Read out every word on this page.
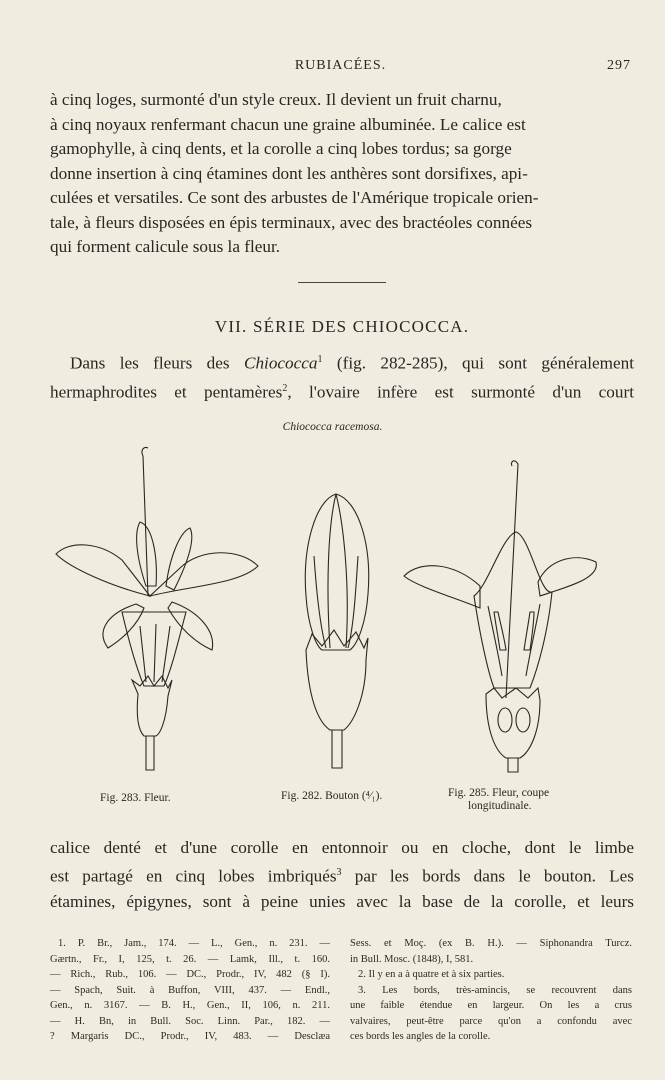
RUBIACÉES.	297
à cinq loges, surmonté d'un style creux. Il devient un fruit charnu,
à cinq noyaux renfermant chacun une graine albuminée. Le calice est
gamophylle, à cinq dents, et la corolle a cinq lobes tordus; sa gorge
donne insertion à cinq étamines dont les anthères sont dorsifixes, api-
culées et versatiles. Ce sont des arbustes de l'Amérique tropicale orien-
tale, à fleurs disposées en épis terminaux, avec des bractéoles connées
qui forment calicule sous la fleur.
VII. SÉRIE DES CHIOCOCCA.
Dans les fleurs des Chiococca$^1$ (fig. 282-285), qui sont généralement
hermaphrodites et pentamères$^2$, l'ovaire infère est surmonté d'un court
Chiococca racemosa.
Fig. 283. Fleur.	Fig. 282. Bouton (⁴⁄₁).	Fig. 285. Fleur, coupe
longitudinale.
calice denté et d'une corolle en entonnoir ou en cloche, dont le limbe
est partagé en cinq lobes imbriqués$^3$ par les bords dans le bouton. Les
étamines, épigynes, sont à peine unies avec la base de la corolle, et leurs
1. P. Br., Jam., 174. — L., Gen., n. 231. —
Gærtn., Fr., I, 125, t. 26. — Lamk, Ill., t. 160.
— Rich., Rub., 106. — DC., Prodr., IV, 482 (§ I).
— Spach, Suit. à Buffon, VIII, 437. — Endl.,
Gen., n. 3167. — B. H., Gen., II, 106, n. 211.
— H. Bn, in Bull. Soc. Linn. Par., 182. —
? Margaris DC., Prodr., IV, 483. — Desclæa
Sess. et Moç. (ex B. H.). — Siphonandra Turcz.
in Bull. Mosc. (1848), I, 581.
2. Il y en a à quatre et à six parties.
3. Les bords, très-amincis, se recouvrent dans
une faible étendue en largeur. On les a crus
valvaires, peut-être parce qu'on a confondu avec
ces bords les angles de la corolle.
